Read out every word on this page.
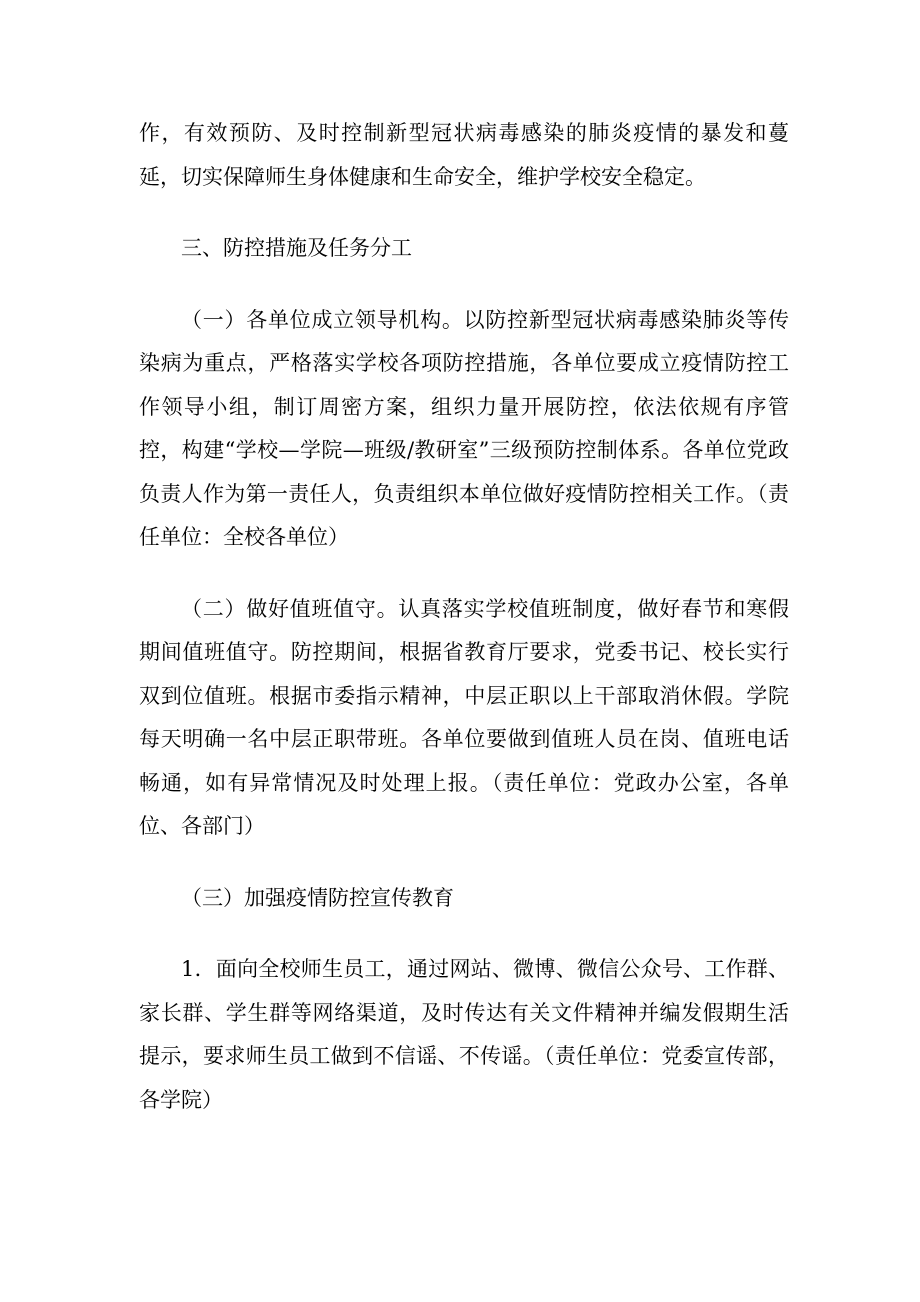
作，有效预防、及时控制新型冠状病毒感染的肺炎疫情的暴发和蔓延，切实保障师生身体健康和生命安全，维护学校安全稳定。

三、防控措施及任务分工

（一）各单位成立领导机构。以防控新型冠状病毒感染肺炎等传染病为重点，严格落实学校各项防控措施，各单位要成立疫情防控工作领导小组，制订周密方案，组织力量开展防控，依法依规有序管控，构建“学校—学院—班级/教研室”三级预防控制体系。各单位党政负责人作为第一责任人，负责组织本单位做好疫情防控相关工作。（责任单位：全校各单位）

（二）做好值班值守。认真落实学校值班制度，做好春节和寒假期间值班值守。防控期间，根据省教育厅要求，党委书记、校长实行双到位值班。根据市委指示精神，中层正职以上干部取消休假。学院每天明确一名中层正职带班。各单位要做到值班人员在岗、值班电话畅通，如有异常情况及时处理上报。（责任单位：党政办公室，各单位、各部门）

（三）加强疫情防控宣传教育

1．面向全校师生员工，通过网站、微博、微信公众号、工作群、家长群、学生群等网络渠道，及时传达有关文件精神并编发假期生活提示，要求师生员工做到不信谣、不传谣。（责任单位：党委宣传部，各学院）
